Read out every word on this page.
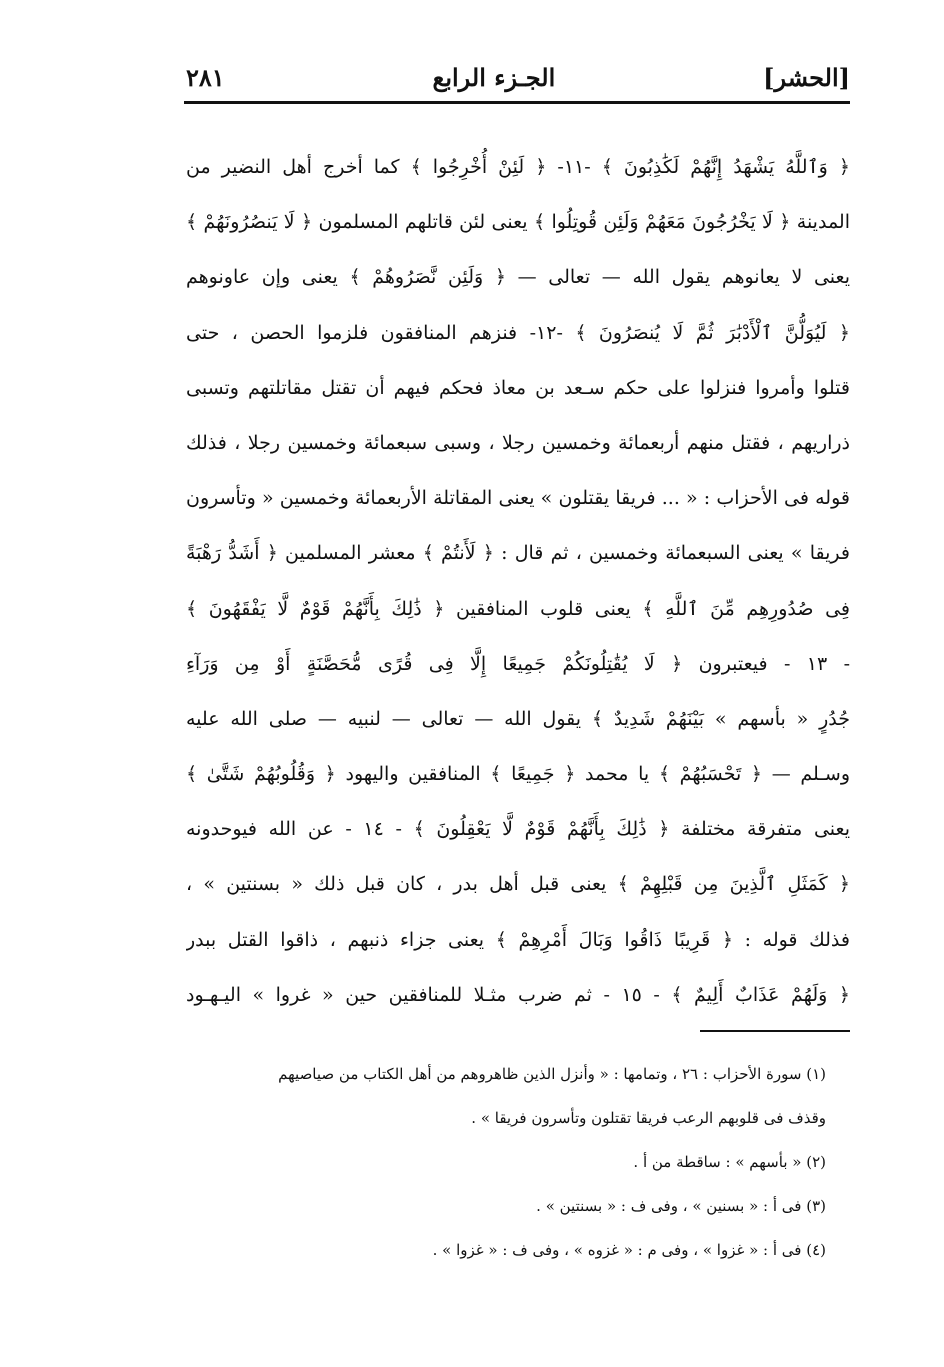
[الحشر]
الجـزء الرابع
٢٨١
﴿ وَٱللَّهُ يَشْهَدُ إِنَّهُمْ لَكَٰذِبُونَ ﴾ -١١- ﴿ لَئِنْ أُخْرِجُوا ﴾ كما أخرج أهل النضير من
المدينة ﴿ لَا يَخْرُجُونَ مَعَهُمْ وَلَئِن قُوتِلُوا ﴾ يعنى لئن قاتلهم المسلمون ﴿ لَا يَنصُرُونَهُمْ ﴾
يعنى لا يعانوهم يقول الله — تعالى — ﴿ وَلَئِن نَّصَرُوهُمْ ﴾ يعنى وإن عاونوهم
﴿ لَيُوَلُّنَّ ٱلْأَدْبَٰرَ ثُمَّ لَا يُنصَرُونَ ﴾ -١٢- فنزهم المنافقون فلزموا الحصن ، حتى
قتلوا وأمروا فنزلوا على حكم سـعد بن معاذ فحكم فيهم أن تقتل مقاتلتهم وتسبى
ذراريهم ، فقتل منهم أربعمائة وخمسين رجلا ، وسبى سبعمائة وخمسين رجلا ، فذلك
قوله فى الأحزاب : « ... فريقا يقتلون » يعنى المقاتلة الأربعمائة وخمسين « وتأسرون
فريقا » يعنى السبعمائة وخمسين ، ثم قال : ﴿ لَأَنتُمْ ﴾ معشر المسلمين ﴿ أَشَدُّ رَهْبَةً
فِى صُدُورِهِم مِّنَ ٱللَّهِ ﴾ يعنى قلوب المنافقين ﴿ ذَٰلِكَ بِأَنَّهُمْ قَوْمٌ لَّا يَفْقَهُونَ ﴾
- ١٣ - فيعتبرون ﴿ لَا يُقَٰتِلُونَكُمْ جَمِيعًا إِلَّا فِى قُرًى مُّحَصَّنَةٍ أَوْ مِن وَرَآءِ
جُدُرٍ « بأسهم » بَيْنَهُمْ شَدِيدٌ ﴾ يقول الله — تعالى — لنبيه — صلى الله عليه
وسـلم — ﴿ تَحْسَبُهُمْ ﴾ يا محمد ﴿ جَمِيعًا ﴾ المنافقين واليهود ﴿ وَقُلُوبُهُمْ شَتَّىٰ ﴾
يعنى متفرقة مختلفة ﴿ ذَٰلِكَ بِأَنَّهُمْ قَوْمٌ لَّا يَعْقِلُونَ ﴾ - ١٤ - عن الله فيوحدونه
﴿ كَمَثَلِ ٱلَّذِينَ مِن قَبْلِهِمْ ﴾ يعنى قبل أهل بدر ، كان قبل ذلك « بسنتين » ،
فذلك قوله : ﴿ قَرِيبًا ذَاقُوا وَبَالَ أَمْرِهِمْ ﴾ يعنى جزاء ذنبهم ، ذاقوا القتل ببدر
﴿ وَلَهُمْ عَذَابٌ أَلِيمٌ ﴾ - ١٥ - ثم ضرب مثـلا للمنافقين حين « غروا » اليـهـود
(١) سورة الأحزاب : ٢٦ ، وتمامها : « وأنزل الذين ظاهروهم من أهل الكتاب من صياصيهم
وقذف فى قلوبهم الرعب فريقا تقتلون وتأسرون فريقا » .
(٢) « بأسهم » : ساقطة من أ .
(٣) فى أ : « بسنين » ، وفى ف : « بسنتين » .
(٤) فى أ : « غزوا » ، وفى م : « غزوه » ، وفى ف : « غزوا » .
